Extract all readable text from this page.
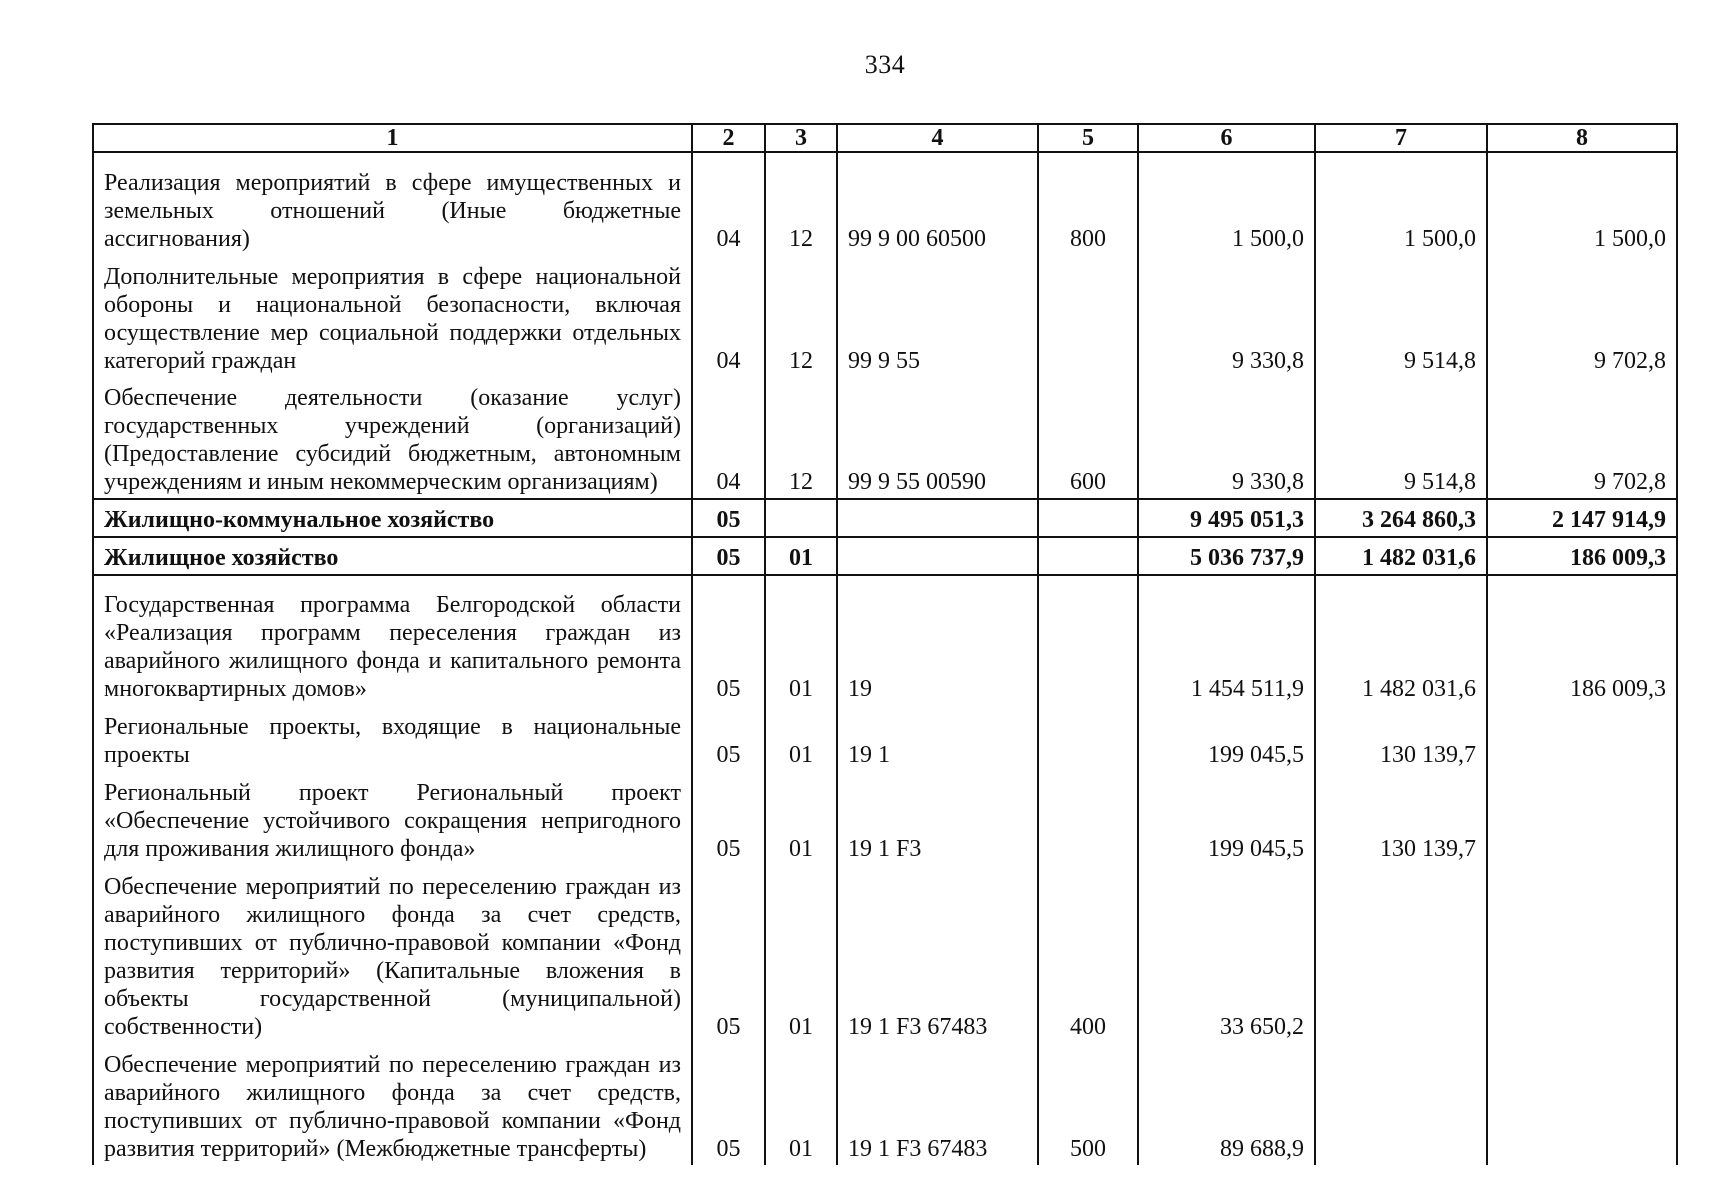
334
1	2	3	4	5	6	7	8
Реализация мероприятий в сфере имущественных и земельных отношений (Иные бюджетные ассигнования)	04	12	99 9 00 60500	800	1 500,0	1 500,0	1 500,0
Дополнительные мероприятия в сфере национальной обороны и национальной безопасности, включая осуществление мер социальной поддержки отдельных категорий граждан	04	12	99 9 55		9 330,8	9 514,8	9 702,8
Обеспечение деятельности (оказание услуг) государственных учреждений (организаций) (Предоставление субсидий бюджетным, автономным учреждениям и иным некоммерческим организациям)	04	12	99 9 55 00590	600	9 330,8	9 514,8	9 702,8
Жилищно-коммунальное хозяйство	05				9 495 051,3	3 264 860,3	2 147 914,9
Жилищное хозяйство	05	01			5 036 737,9	1 482 031,6	186 009,3
Государственная программа Белгородской области «Реализация программ переселения граждан из аварийного жилищного фонда и капитального ремонта многоквартирных домов»	05	01	19		1 454 511,9	1 482 031,6	186 009,3
Региональные проекты, входящие в национальные проекты	05	01	19 1		199 045,5	130 139,7	
Региональный проект Региональный проект «Обеспечение устойчивого сокращения непригодного для проживания жилищного фонда»	05	01	19 1 F3		199 045,5	130 139,7	
Обеспечение мероприятий по переселению граждан из аварийного жилищного фонда за счет средств, поступивших от публично-правовой компании «Фонд развития территорий» (Капитальные вложения в объекты государственной (муниципальной) собственности)	05	01	19 1 F3 67483	400	33 650,2		
Обеспечение мероприятий по переселению граждан из аварийного жилищного фонда за счет средств, поступивших от публично-правовой компании «Фонд развития территорий» (Межбюджетные трансферты)	05	01	19 1 F3 67483	500	89 688,9		
